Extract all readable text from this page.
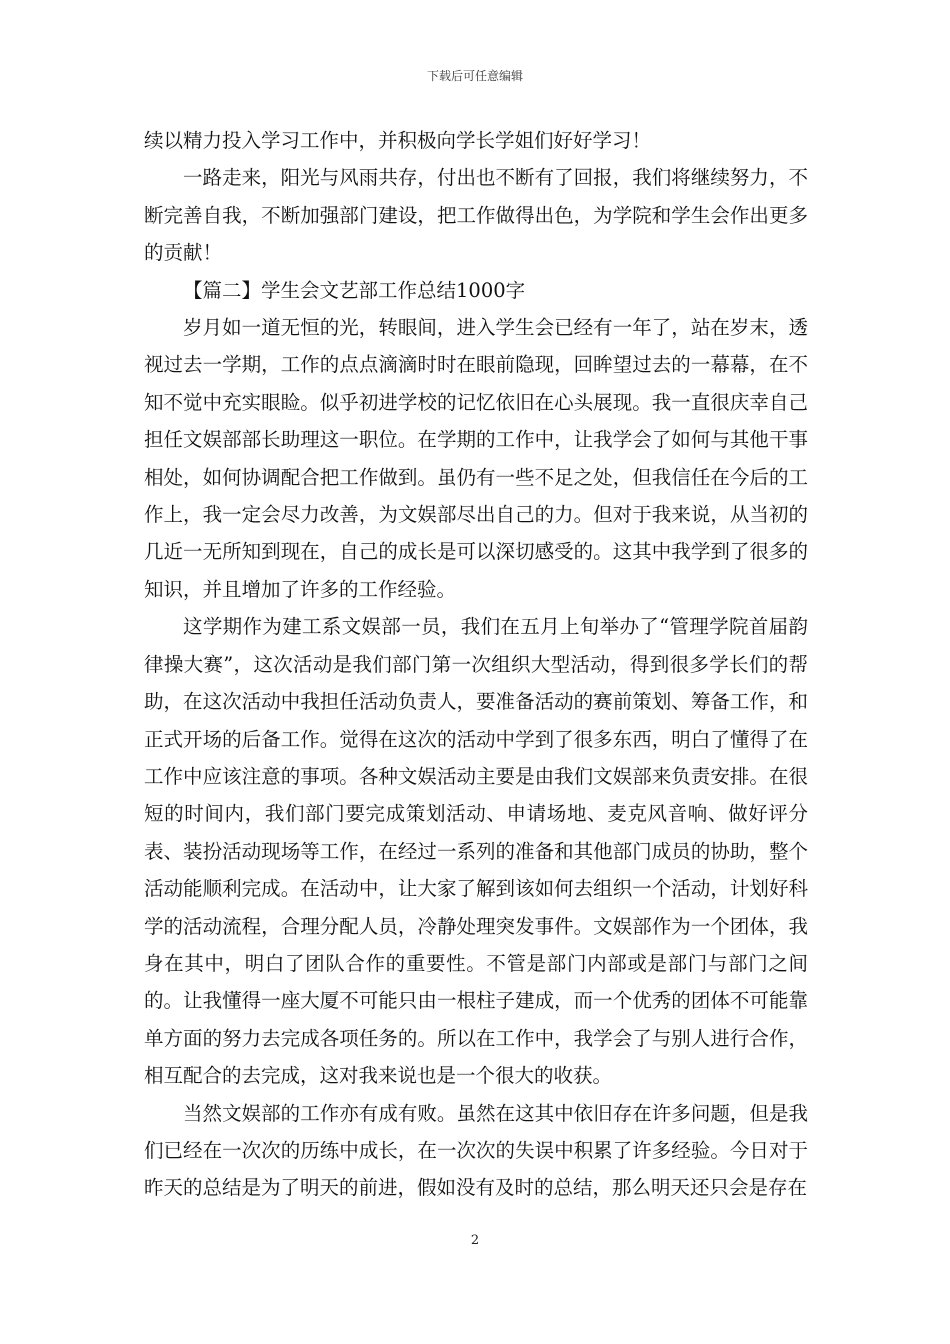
下载后可任意编辑

续以精力投入学习工作中，并积极向学长学姐们好好学习！

一路走来，阳光与风雨共存，付出也不断有了回报，我们将继续努力，不断完善自我，不断加强部门建设，把工作做得出色，为学院和学生会作出更多的贡献！

【篇二】学生会文艺部工作总结1000字

岁月如一道无恒的光，转眼间，进入学生会已经有一年了，站在岁末，透视过去一学期，工作的点点滴滴时时在眼前隐现，回眸望过去的一幕幕，在不知不觉中充实眼睑。似乎初进学校的记忆依旧在心头展现。我一直很庆幸自己担任文娱部部长助理这一职位。在学期的工作中，让我学会了如何与其他干事相处，如何协调配合把工作做到。虽仍有一些不足之处，但我信任在今后的工作上，我一定会尽力改善，为文娱部尽出自己的力。但对于我来说，从当初的几近一无所知到现在，自己的成长是可以深切感受的。这其中我学到了很多的知识，并且增加了许多的工作经验。

这学期作为建工系文娱部一员，我们在五月上旬举办了“管理学院首届韵律操大赛”，这次活动是我们部门第一次组织大型活动，得到很多学长们的帮助，在这次活动中我担任活动负责人，要准备活动的赛前策划、筹备工作，和正式开场的后备工作。觉得在这次的活动中学到了很多东西，明白了懂得了在工作中应该注意的事项。各种文娱活动主要是由我们文娱部来负责安排。在很短的时间内，我们部门要完成策划活动、申请场地、麦克风音响、做好评分表、装扮活动现场等工作，在经过一系列的准备和其他部门成员的协助，整个活动能顺利完成。在活动中，让大家了解到该如何去组织一个活动，计划好科学的活动流程，合理分配人员，冷静处理突发事件。文娱部作为一个团体，我身在其中，明白了团队合作的重要性。不管是部门内部或是部门与部门之间的。让我懂得一座大厦不可能只由一根柱子建成，而一个优秀的团体不可能靠单方面的努力去完成各项任务的。所以在工作中，我学会了与别人进行合作，相互配合的去完成，这对我来说也是一个很大的收获。

当然文娱部的工作亦有成有败。虽然在这其中依旧存在许多问题，但是我们已经在一次次的历练中成长，在一次次的失误中积累了许多经验。今日对于昨天的总结是为了明天的前进，假如没有及时的总结，那么明天还只会是存在

2
